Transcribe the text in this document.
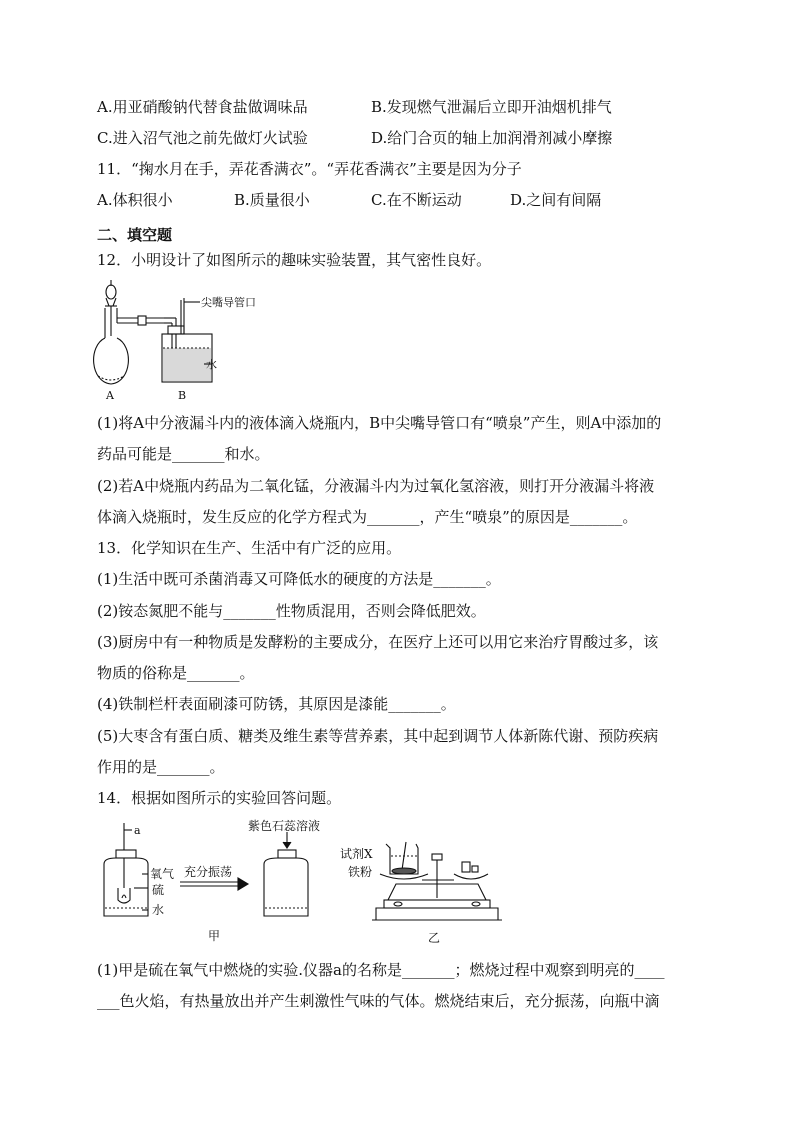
A.用亚硝酸钠代替食盐做调味品	B.发现燃气泄漏后立即开油烟机排气
C.进入沼气池之前先做灯火试验	D.给门合页的轴上加润滑剂减小摩擦
11．“掬水月在手，弄花香满衣”。“弄花香满衣”主要是因为分子
A.体积很小	B.质量很小	C.在不断运动	D.之间有间隔
二、填空题
12．小明设计了如图所示的趣味实验装置，其气密性良好。
尖嘴导管口
水
A	B
(1)将A中分液漏斗内的液体滴入烧瓶内，B中尖嘴导管口有“喷泉”产生，则A中添加的
药品可能是_______和水。
(2)若A中烧瓶内药品为二氧化锰，分液漏斗内为过氧化氢溶液，则打开分液漏斗将液
体滴入烧瓶时，发生反应的化学方程式为_______，产生“喷泉”的原因是_______。
13．化学知识在生产、生活中有广泛的应用。
(1)生活中既可杀菌消毒又可降低水的硬度的方法是_______。
(2)铵态氮肥不能与_______性物质混用，否则会降低肥效。
(3)厨房中有一种物质是发酵粉的主要成分，在医疗上还可以用它来治疗胃酸过多，该
物质的俗称是_______。
(4)铁制栏杆表面刷漆可防锈，其原因是漆能_______。
(5)大枣含有蛋白质、糖类及维生素等营养素，其中起到调节人体新陈代谢、预防疾病
作用的是_______。
14．根据如图所示的实验回答问题。
a
氧气
硫
水
充分振荡
紫色石蕊溶液
甲
试剂X
铁粉
乙
(1)甲是硫在氧气中燃烧的实验.仪器a的名称是_______；燃烧过程中观察到明亮的____
___色火焰，有热量放出并产生刺激性气味的气体。燃烧结束后，充分振荡，向瓶中滴
